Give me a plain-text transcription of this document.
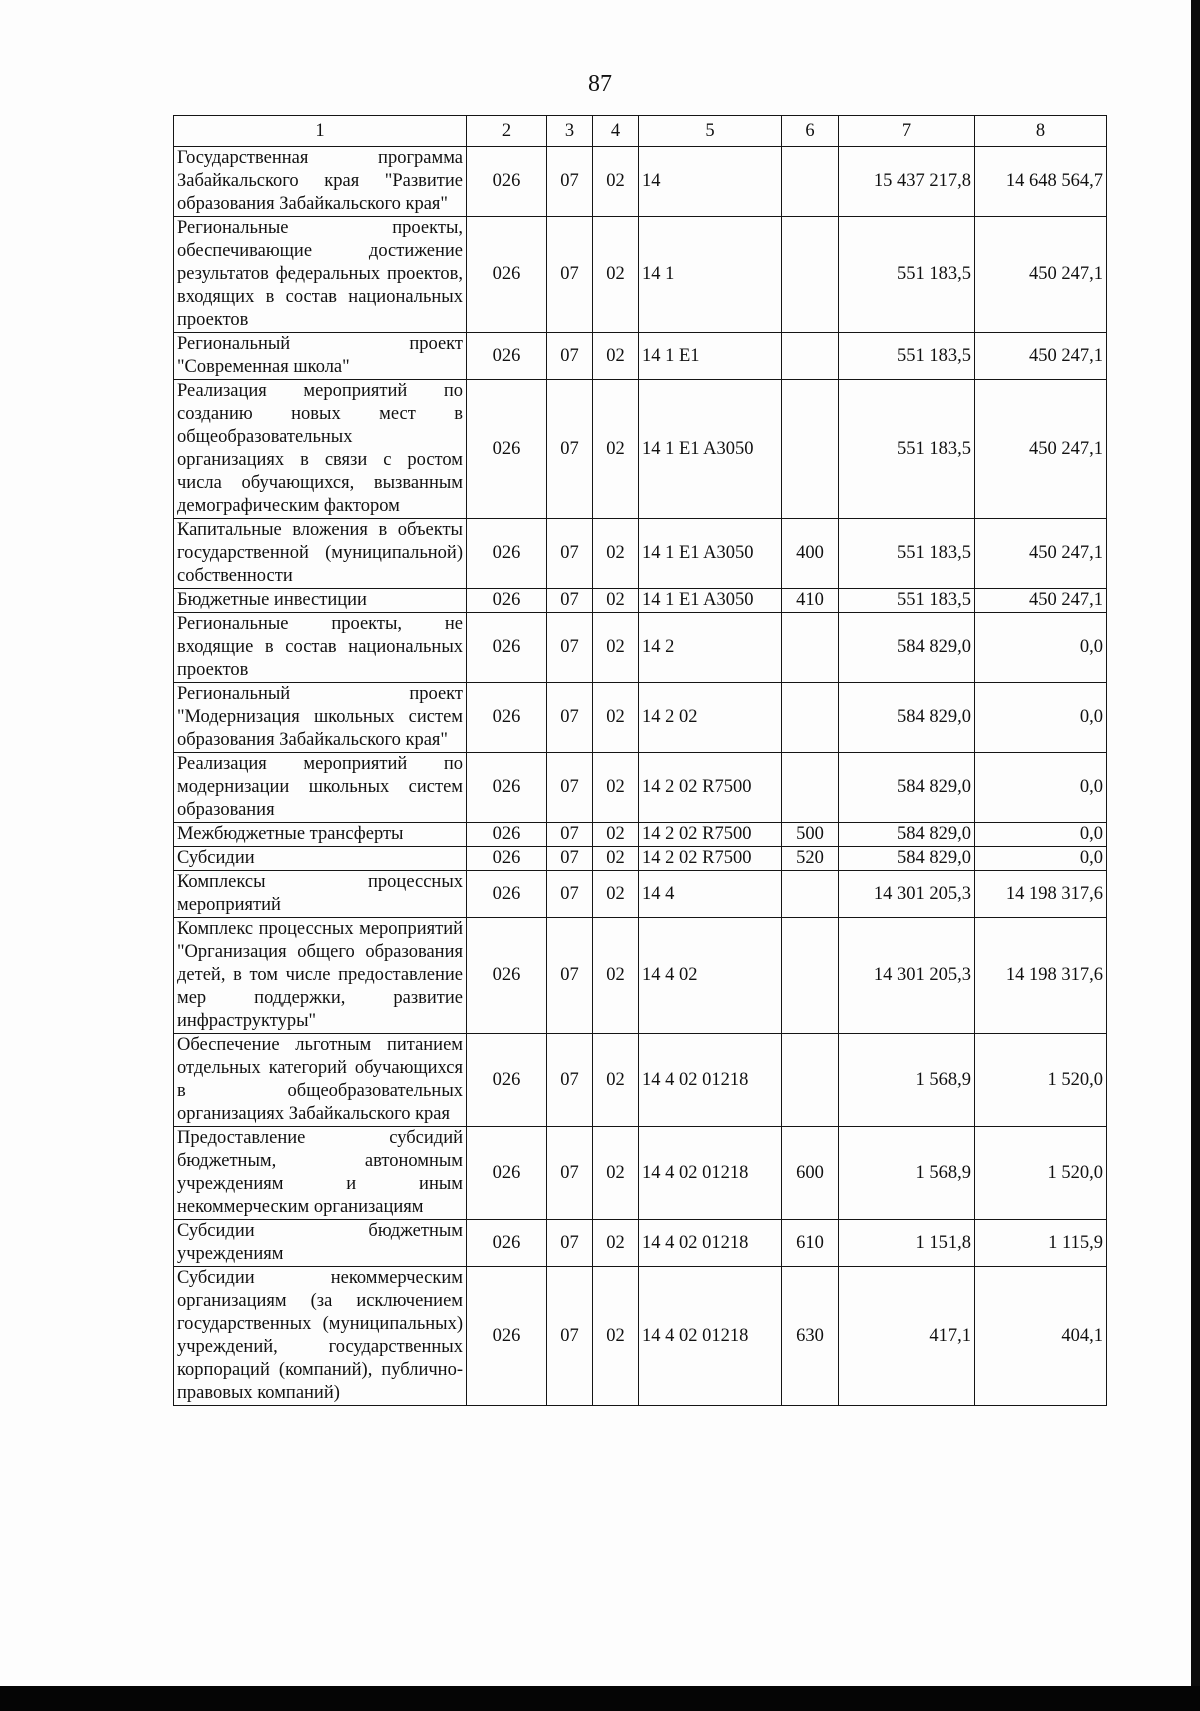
87
1	2	3	4	5	6	7	8
Государственная программа Забайкальского края "Развитие образования Забайкальского края"	026	07	02	14		15 437 217,8	14 648 564,7
Региональные проекты, обеспечивающие достижение результатов федеральных проектов, входящих в состав национальных проектов	026	07	02	14 1		551 183,5	450 247,1
Региональный проект "Современная школа"	026	07	02	14 1 E1		551 183,5	450 247,1
Реализация мероприятий по созданию новых мест в общеобразовательных организациях в связи с ростом числа обучающихся, вызванным демографическим фактором	026	07	02	14 1 E1 A3050		551 183,5	450 247,1
Капитальные вложения в объекты государственной (муниципальной) собственности	026	07	02	14 1 E1 A3050	400	551 183,5	450 247,1
Бюджетные инвестиции	026	07	02	14 1 E1 A3050	410	551 183,5	450 247,1
Региональные проекты, не входящие в состав национальных проектов	026	07	02	14 2		584 829,0	0,0
Региональный проект "Модернизация школьных систем образования Забайкальского края"	026	07	02	14 2 02		584 829,0	0,0
Реализация мероприятий по модернизации школьных систем образования	026	07	02	14 2 02 R7500		584 829,0	0,0
Межбюджетные трансферты	026	07	02	14 2 02 R7500	500	584 829,0	0,0
Субсидии	026	07	02	14 2 02 R7500	520	584 829,0	0,0
Комплексы процессных мероприятий	026	07	02	14 4		14 301 205,3	14 198 317,6
Комплекс процессных мероприятий "Организация общего образования детей, в том числе предоставление мер поддержки, развитие инфраструктуры"	026	07	02	14 4 02		14 301 205,3	14 198 317,6
Обеспечение льготным питанием отдельных категорий обучающихся в общеобразовательных организациях Забайкальского края	026	07	02	14 4 02 01218		1 568,9	1 520,0
Предоставление субсидий бюджетным, автономным учреждениям и иным некоммерческим организациям	026	07	02	14 4 02 01218	600	1 568,9	1 520,0
Субсидии бюджетным учреждениям	026	07	02	14 4 02 01218	610	1 151,8	1 115,9
Субсидии некоммерческим организациям (за исключением государственных (муниципальных) учреждений, государственных корпораций (компаний), публично-правовых компаний)	026	07	02	14 4 02 01218	630	417,1	404,1
